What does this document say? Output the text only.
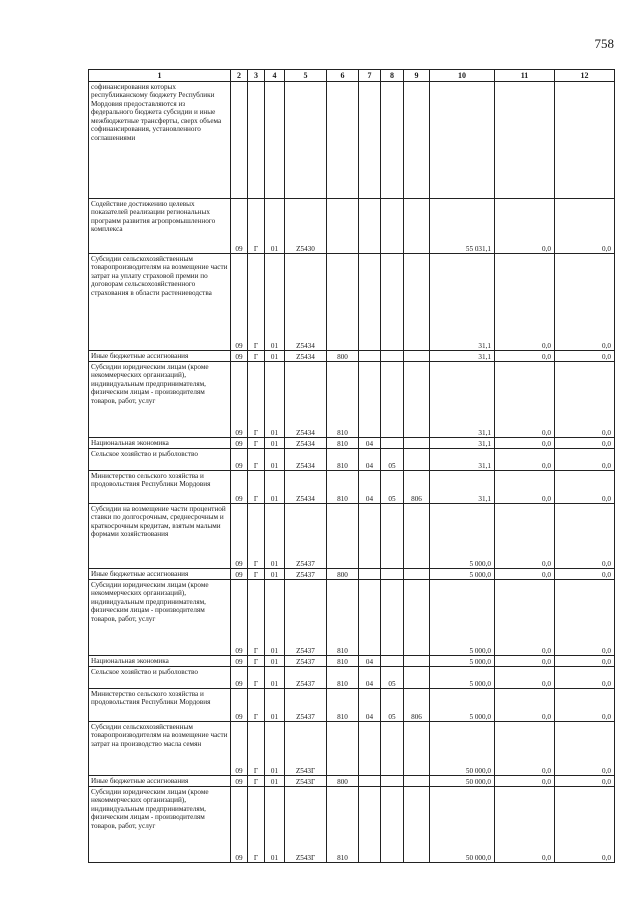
758
1	2	3	4	5	6	7	8	9	10	11	12
софинансирования которых республиканскому бюджету Республики Мордовия предоставляются из федерального бюджета субсидии и иные межбюджетные трансферты, сверх объема софинансирования, установленного соглашениями											
Содействие достижению целевых показателей реализации региональных программ развития агропромышленного комплекса	09	Г	01	Z5430					55 031,1	0,0	0,0
Субсидии сельскохозяйственным товаропроизводителям на возмещение части затрат на уплату страховой премии по договорам сельскохозяйственного страхования в области растениеводства	09	Г	01	Z5434					31,1	0,0	0,0
Иные бюджетные ассигнования	09	Г	01	Z5434	800				31,1	0,0	0,0
Субсидии юридическим лицам (кроме некоммерческих организаций), индивидуальным предпринимателям, физическим лицам - производителям товаров, работ, услуг	09	Г	01	Z5434	810				31,1	0,0	0,0
Национальная экономика	09	Г	01	Z5434	810	04			31,1	0,0	0,0
Сельское хозяйство и рыболовство	09	Г	01	Z5434	810	04	05		31,1	0,0	0,0
Министерство сельского хозяйства и продовольствия Республики Мордовия	09	Г	01	Z5434	810	04	05	806	31,1	0,0	0,0
Субсидии на возмещение части процентной ставки по долгосрочным, среднесрочным и краткосрочным кредитам, взятым малыми формами хозяйствования	09	Г	01	Z5437					5 000,0	0,0	0,0
Иные бюджетные ассигнования	09	Г	01	Z5437	800				5 000,0	0,0	0,0
Субсидии юридическим лицам (кроме некоммерческих организаций), индивидуальным предпринимателям, физическим лицам - производителям товаров, работ, услуг	09	Г	01	Z5437	810				5 000,0	0,0	0,0
Национальная экономика	09	Г	01	Z5437	810	04			5 000,0	0,0	0,0
Сельское хозяйство и рыболовство	09	Г	01	Z5437	810	04	05		5 000,0	0,0	0,0
Министерство сельского хозяйства и продовольствия Республики Мордовия	09	Г	01	Z5437	810	04	05	806	5 000,0	0,0	0,0
Субсидии сельскохозяйственным товаропроизводителям на возмещение части затрат на производство масла семян	09	Г	01	Z543Г					50 000,0	0,0	0,0
Иные бюджетные ассигнования	09	Г	01	Z543Г	800				50 000,0	0,0	0,0
Субсидии юридическим лицам (кроме некоммерческих организаций), индивидуальным предпринимателям, физическим лицам - производителям товаров, работ, услуг	09	Г	01	Z543Г	810				50 000,0	0,0	0,0
